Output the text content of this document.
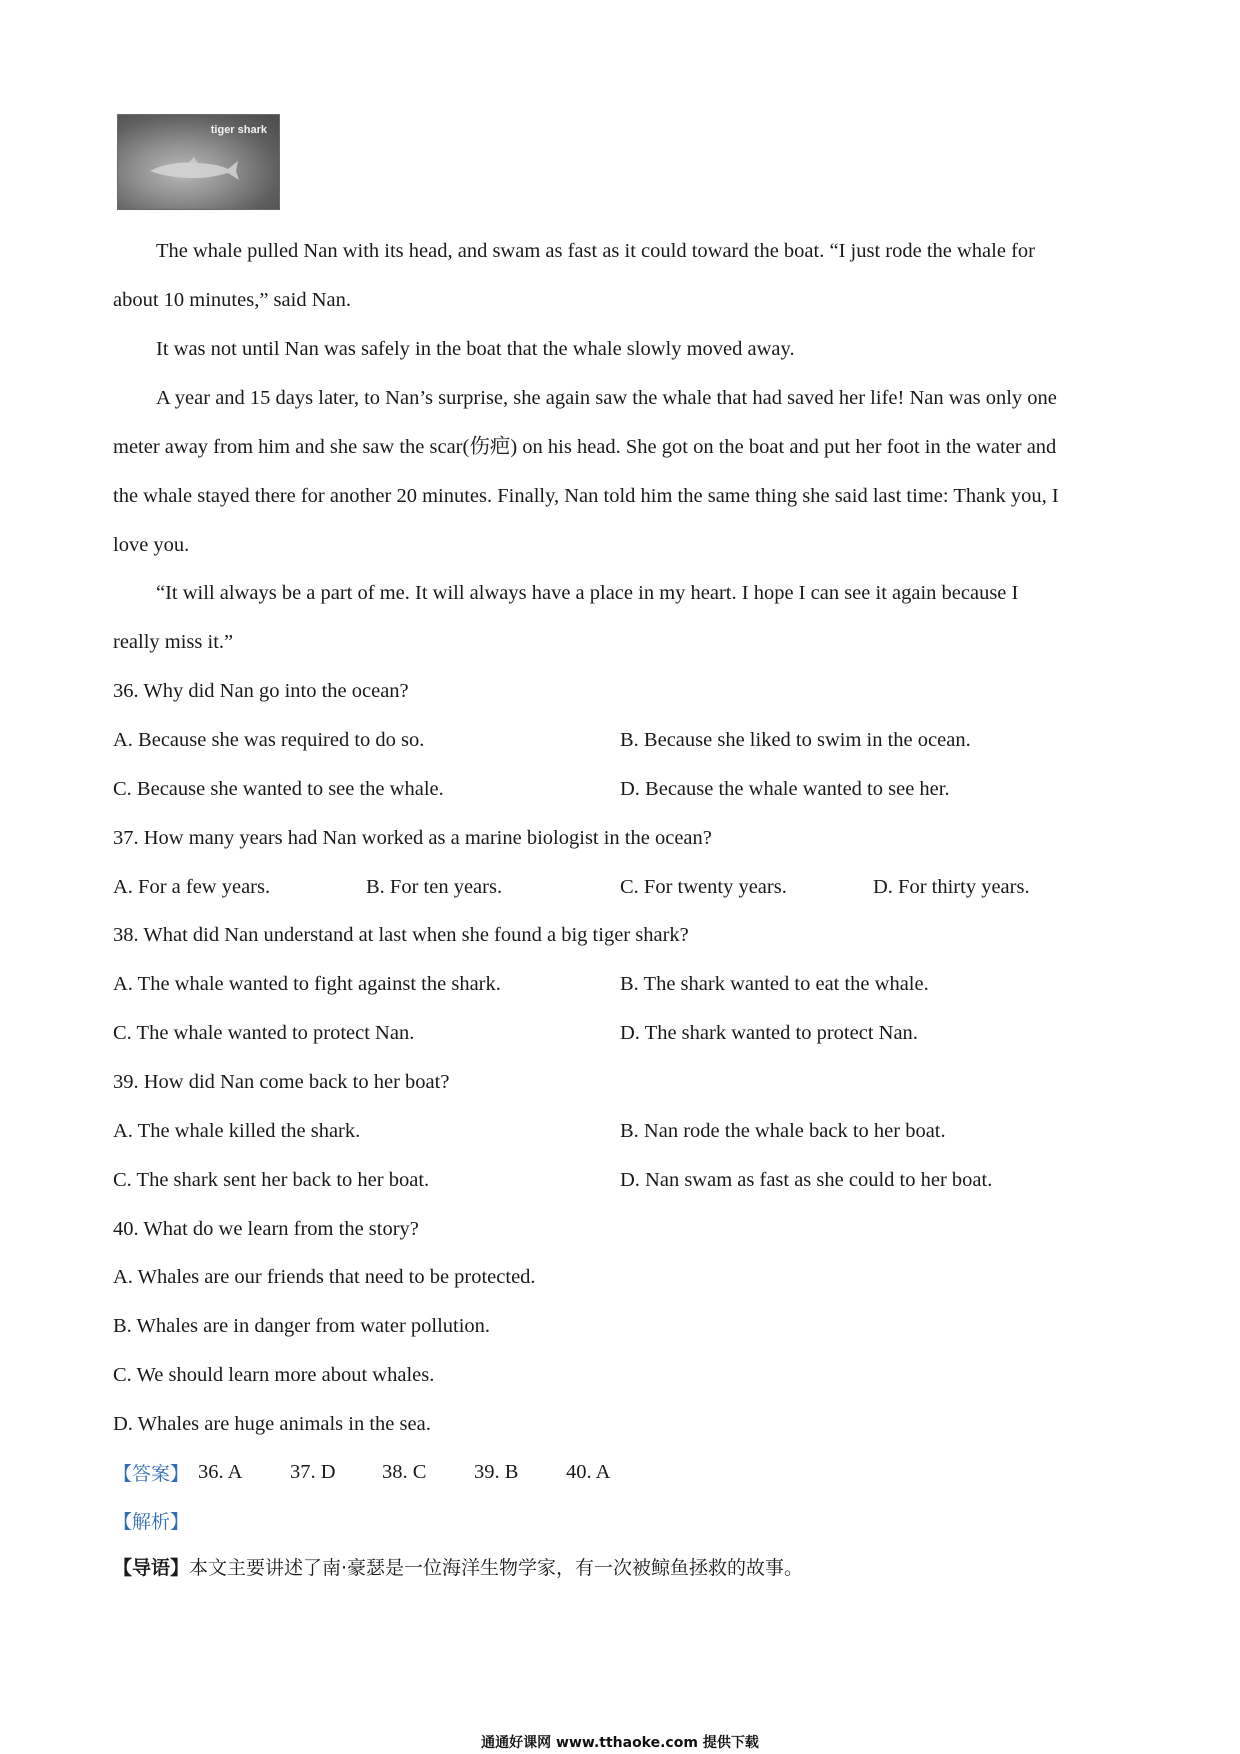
tiger shark
The whale pulled Nan with its head, and swam as fast as it could toward the boat. “I just rode the whale for
about 10 minutes,” said Nan.
It was not until Nan was safely in the boat that the whale slowly moved away.
A year and 15 days later, to Nan’s surprise, she again saw the whale that had saved her life! Nan was only one
meter away from him and she saw the scar(伤疤) on his head. She got on the boat and put her foot in the water and
the whale stayed there for another 20 minutes. Finally, Nan told him the same thing she said last time: Thank you, I
love you.
“It will always be a part of me. It will always have a place in my heart. I hope I can see it again because I
really miss it.”
36. Why did Nan go into the ocean?
A. Because she was required to do so.	B. Because she liked to swim in the ocean.
C. Because she wanted to see the whale.	D. Because the whale wanted to see her.
37. How many years had Nan worked as a marine biologist in the ocean?
A. For a few years.	B. For ten years.	C. For twenty years.	D. For thirty years.
38. What did Nan understand at last when she found a big tiger shark?
A. The whale wanted to fight against the shark.	B. The shark wanted to eat the whale.
C. The whale wanted to protect Nan.	D. The shark wanted to protect Nan.
39. How did Nan come back to her boat?
A. The whale killed the shark.	B. Nan rode the whale back to her boat.
C. The shark sent her back to her boat.	D. Nan swam as fast as she could to her boat.
40. What do we learn from the story?
A. Whales are our friends that need to be protected.
B. Whales are in danger from water pollution.
C. We should learn more about whales.
D. Whales are huge animals in the sea.
【答案】 36. A 37. D 38. C 39. B 40. A
【解析】
【导语】本文主要讲述了南·豪瑟是一位海洋生物学家，有一次被鲸鱼拯救的故事。
通通好课网 www.tthaoke.com 提供下载
